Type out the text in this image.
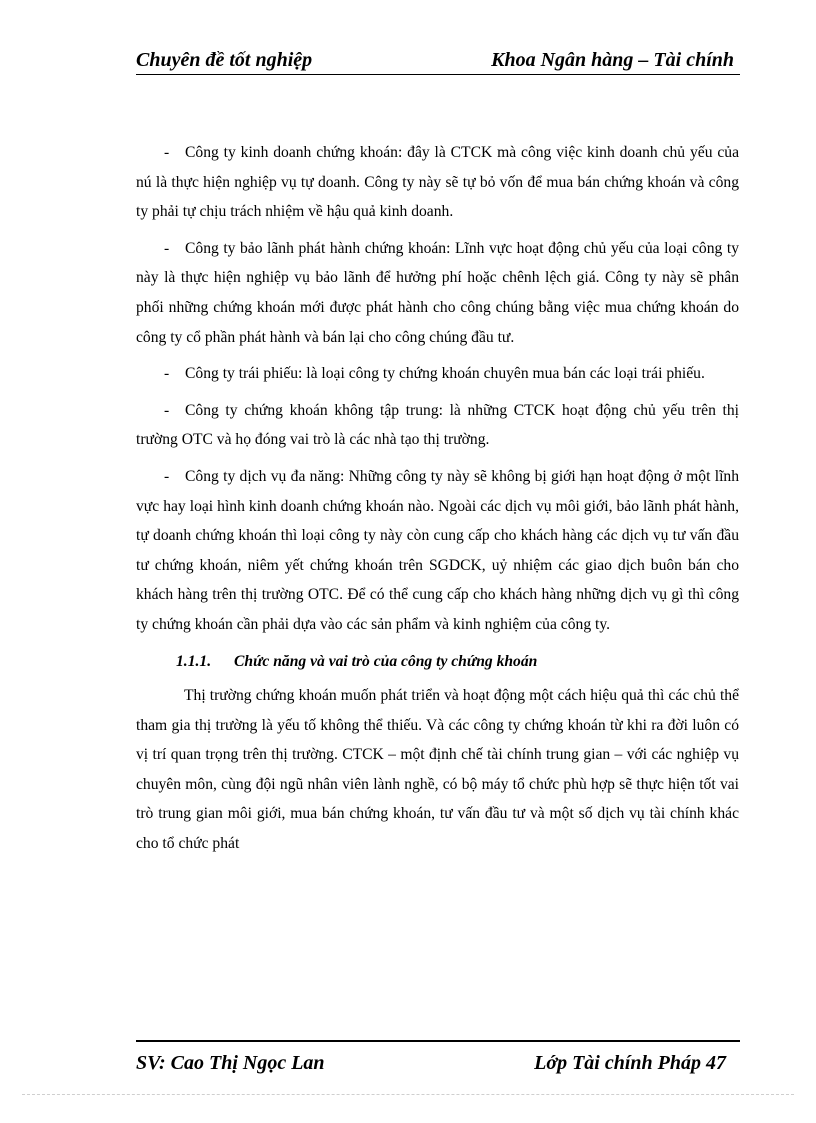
Chuyên đề tốt nghiệp	Khoa Ngân hàng – Tài chính

- Công ty kinh doanh chứng khoán: đây là CTCK mà công việc kinh doanh chủ yếu của nú là thực hiện nghiệp vụ tự doanh. Công ty này sẽ tự bỏ vốn để mua bán chứng khoán và công ty phải tự chịu trách nhiệm về hậu quả kinh doanh.

- Công ty bảo lãnh phát hành chứng khoán: Lĩnh vực hoạt động chủ yếu của loại công ty này là thực hiện nghiệp vụ bảo lãnh để hưởng phí hoặc chênh lệch giá. Công ty này sẽ phân phối những chứng khoán mới được phát hành cho công chúng bằng việc mua chứng khoán do công ty cổ phần phát hành và bán lại cho công chúng đầu tư.

- Công ty trái phiếu: là loại công ty chứng khoán chuyên mua bán các loại trái phiếu.

- Công ty chứng khoán không tập trung: là những CTCK hoạt động chủ yếu trên thị trường OTC và họ đóng vai trò là các nhà tạo thị trường.

- Công ty dịch vụ đa năng: Những công ty này sẽ không bị giới hạn hoạt động ở một lĩnh vực hay loại hình kinh doanh chứng khoán nào. Ngoài các dịch vụ môi giới, bảo lãnh phát hành, tự doanh chứng khoán thì loại công ty này còn cung cấp cho khách hàng các dịch vụ tư vấn đầu tư chứng khoán, niêm yết chứng khoán trên SGDCK, uỷ nhiệm các giao dịch buôn bán cho khách hàng trên thị trường OTC. Để có thể cung cấp cho khách hàng những dịch vụ gì thì công ty chứng khoán cần phải dựa vào các sản phẩm và kinh nghiệm của công ty.

1.1.1. Chức năng và vai trò của công ty chứng khoán

Thị trường chứng khoán muốn phát triển và hoạt động một cách hiệu quả thì các chủ thể tham gia thị trường là yếu tố không thể thiếu. Và các công ty chứng khoán từ khi ra đời luôn có vị trí quan trọng trên thị trường. CTCK – một định chế tài chính trung gian – với các nghiệp vụ chuyên môn, cùng đội ngũ nhân viên lành nghề, có bộ máy tổ chức phù hợp sẽ thực hiện tốt vai trò trung gian môi giới, mua bán chứng khoán, tư vấn đầu tư và một số dịch vụ tài chính khác cho tổ chức phát

SV: Cao Thị Ngọc Lan	Lớp Tài chính Pháp 47
